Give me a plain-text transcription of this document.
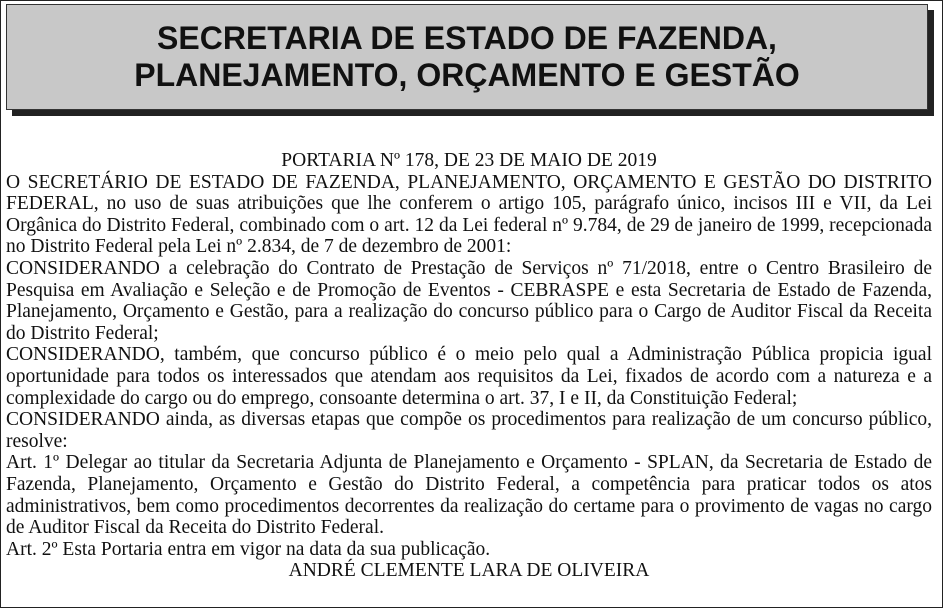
SECRETARIA DE ESTADO DE FAZENDA,
PLANEJAMENTO, ORÇAMENTO E GESTÃO
PORTARIA Nº 178, DE 23 DE MAIO DE 2019
O SECRETÁRIO DE ESTADO DE FAZENDA, PLANEJAMENTO, ORÇAMENTO E GESTÃO DO DISTRITO FEDERAL, no uso de suas atribuições que lhe conferem o artigo 105, parágrafo único, incisos III e VII, da Lei Orgânica do Distrito Federal, combinado com o art. 12 da Lei federal nº 9.784, de 29 de janeiro de 1999, recepcionada no Distrito Federal pela Lei nº 2.834, de 7 de dezembro de 2001:
CONSIDERANDO a celebração do Contrato de Prestação de Serviços nº 71/2018, entre o Centro Brasileiro de Pesquisa em Avaliação e Seleção e de Promoção de Eventos - CEBRASPE e esta Secretaria de Estado de Fazenda, Planejamento, Orçamento e Gestão, para a realização do concurso público para o Cargo de Auditor Fiscal da Receita do Distrito Federal;
CONSIDERANDO, também, que concurso público é o meio pelo qual a Administração Pública propicia igual oportunidade para todos os interessados que atendam aos requisitos da Lei, fixados de acordo com a natureza e a complexidade do cargo ou do emprego, consoante determina o art. 37, I e II, da Constituição Federal;
CONSIDERANDO ainda, as diversas etapas que compõe os procedimentos para realização de um concurso público, resolve:
Art. 1º Delegar ao titular da Secretaria Adjunta de Planejamento e Orçamento - SPLAN, da Secretaria de Estado de Fazenda, Planejamento, Orçamento e Gestão do Distrito Federal, a competência para praticar todos os atos administrativos, bem como procedimentos decorrentes da realização do certame para o provimento de vagas no cargo de Auditor Fiscal da Receita do Distrito Federal.
Art. 2º Esta Portaria entra em vigor na data da sua publicação.
ANDRÉ CLEMENTE LARA DE OLIVEIRA
